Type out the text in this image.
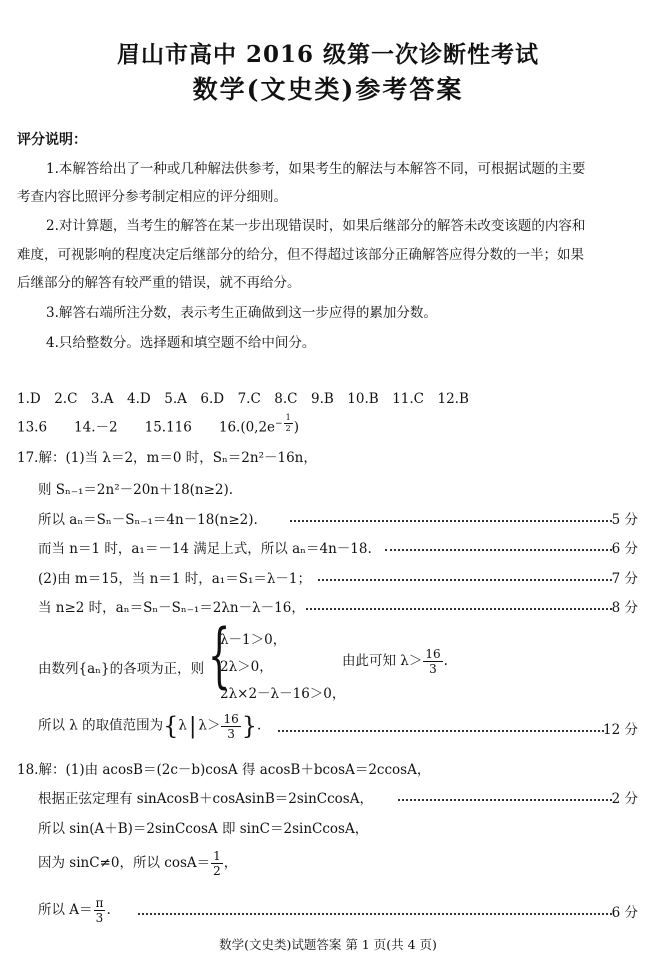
眉山市高中 2016 级第一次诊断性考试
数学(文史类)参考答案
评分说明：
1.本解答给出了一种或几种解法供参考，如果考生的解法与本解答不同，可根据试题的主要
考查内容比照评分参考制定相应的评分细则。
2.对计算题，当考生的解答在某一步出现错误时，如果后继部分的解答未改变该题的内容和
难度，可视影响的程度决定后继部分的给分，但不得超过该部分正确解答应得分数的一半；如果
后继部分的解答有较严重的错误，就不再给分。
3.解答右端所注分数，表示考生正确做到这一步应得的累加分数。
4.只给整数分。选择题和填空题不给中间分。
1.D　2.C　3.A　4.D　5.A　6.D　7.C　8.C　9.B　10.B　11.C　12.B
13.6　　14.－2　　15.116　　$16.(0,2e^{- \frac{1}{2}}$ )
17.解：(1)当 λ＝2，m＝0 时，Sₙ＝2n²－16n，
则 Sₙ₋₁＝2n²－20n＋18(n≥2).
所以 aₙ＝Sₙ－Sₙ₋₁＝4n－18(n≥2).	5 分
而当 n＝1 时，a₁＝－14 满足上式，所以 aₙ＝4n－18.	6 分
(2)由 m＝15，当 n＝1 时，a₁＝S₁＝λ－1；	7 分
当 n≥2 时，aₙ＝Sₙ－Sₙ₋₁＝2λn－λ－16，	8 分
由数列{aₙ}的各项为正，则 {
λ－1＞0，
2λ＞0，
2λ×2－λ－16＞0，
由此可知 $\lambda> \frac{16}{3}$ .
所以 λ 的取值范围为{λ| $\lambda> \frac{16}{3}$ }.	12 分
18.解：(1)由 acosB＝(2c－b)cosA 得 acosB＋bcosA＝2ccosA，
根据正弦定理有 sinAcosB＋cosAsinB＝2sinCcosA，	2 分
所以 sin(A＋B)＝2sinCcosA 即 sinC＝2sinCcosA，
因为 sinC≠0，所以 $\cos A= \frac{1}{2}$ ，
所以 $A= \frac{\pi}{3}$ .	6 分
数学(文史类)试题答案 第 1 页(共 4 页)
